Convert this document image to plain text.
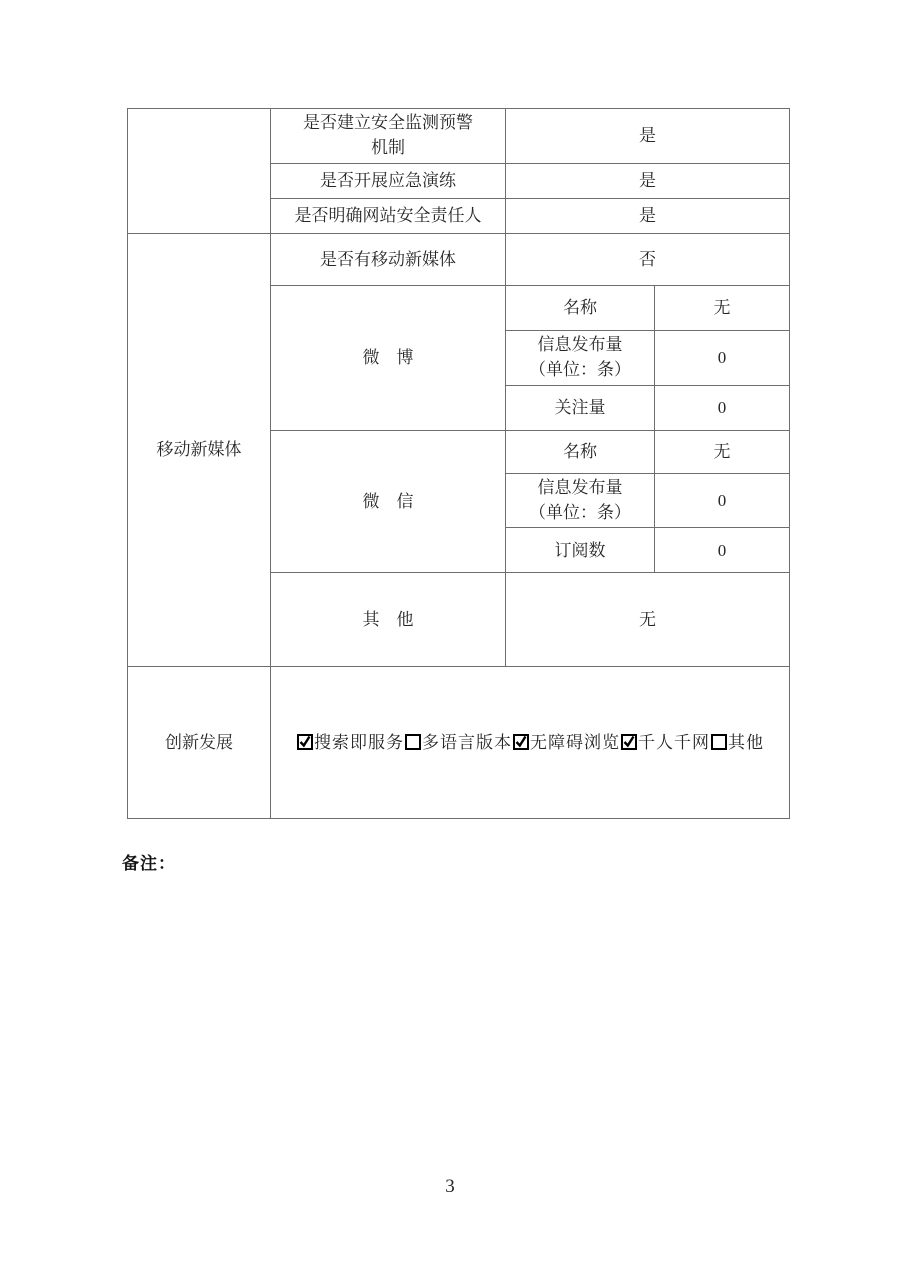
	是否建立安全监测预警
机制	是	
	是否开展应急演练	是	
	是否明确网站安全责任人	是	
移动新媒体	是否有移动新媒体	否	
	微　博	名称	无

		信息发布量
（单位：条）	0
		关注量	0
	微　信	名称	无

		信息发布量
（单位：条）	0
		订阅数	0
	其　他	无	
创新发展	搜索即服务 多语言版本 无障碍浏览 千人千网 其他		
备注：
3
